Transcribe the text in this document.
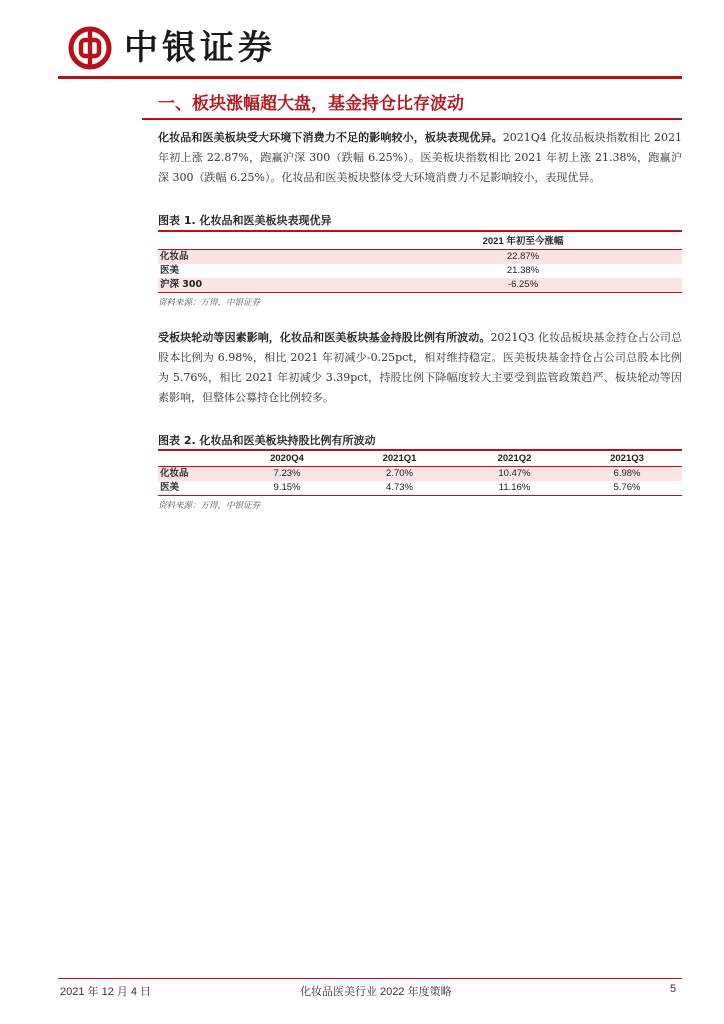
中银证券
一、板块涨幅超大盘，基金持仓比存波动

化妆品和医美板块受大环境下消费力不足的影响较小，板块表现优异。2021Q4 化妆品板块指数相比 2021 年初上涨 22.87%，跑赢沪深 300（跌幅 6.25%）。医美板块指数相比 2021 年初上涨 21.38%，跑赢沪深 300（跌幅 6.25%）。化妆品和医美板块整体受大环境消费力不足影响较小，表现优异。

图表 1. 化妆品和医美板块表现优异
	2021 年初至今涨幅	
化妆品	22.87%	
医美	21.38%	
沪深 300	-6.25%	
资料来源：万得，中银证券

受板块轮动等因素影响，化妆品和医美板块基金持股比例有所波动。2021Q3 化妆品板块基金持仓占公司总股本比例为 6.98%，相比 2021 年初减少-0.25pct，相对维持稳定。医美板块基金持仓占公司总股本比例为 5.76%，相比 2021 年初减少 3.39pct，持股比例下降幅度较大主要受到监管政策趋严、板块轮动等因素影响，但整体公募持仓比例较多。

图表 2. 化妆品和医美板块持股比例有所波动
	2020Q4	2021Q1	2021Q2	2021Q3
化妆品	7.23%	2.70%	10.47%	6.98%
医美	9.15%	4.73%	11.16%	5.76%
资料来源：万得，中银证券
2021 年 12 月 4 日	化妆品医美行业 2022 年度策略	5
